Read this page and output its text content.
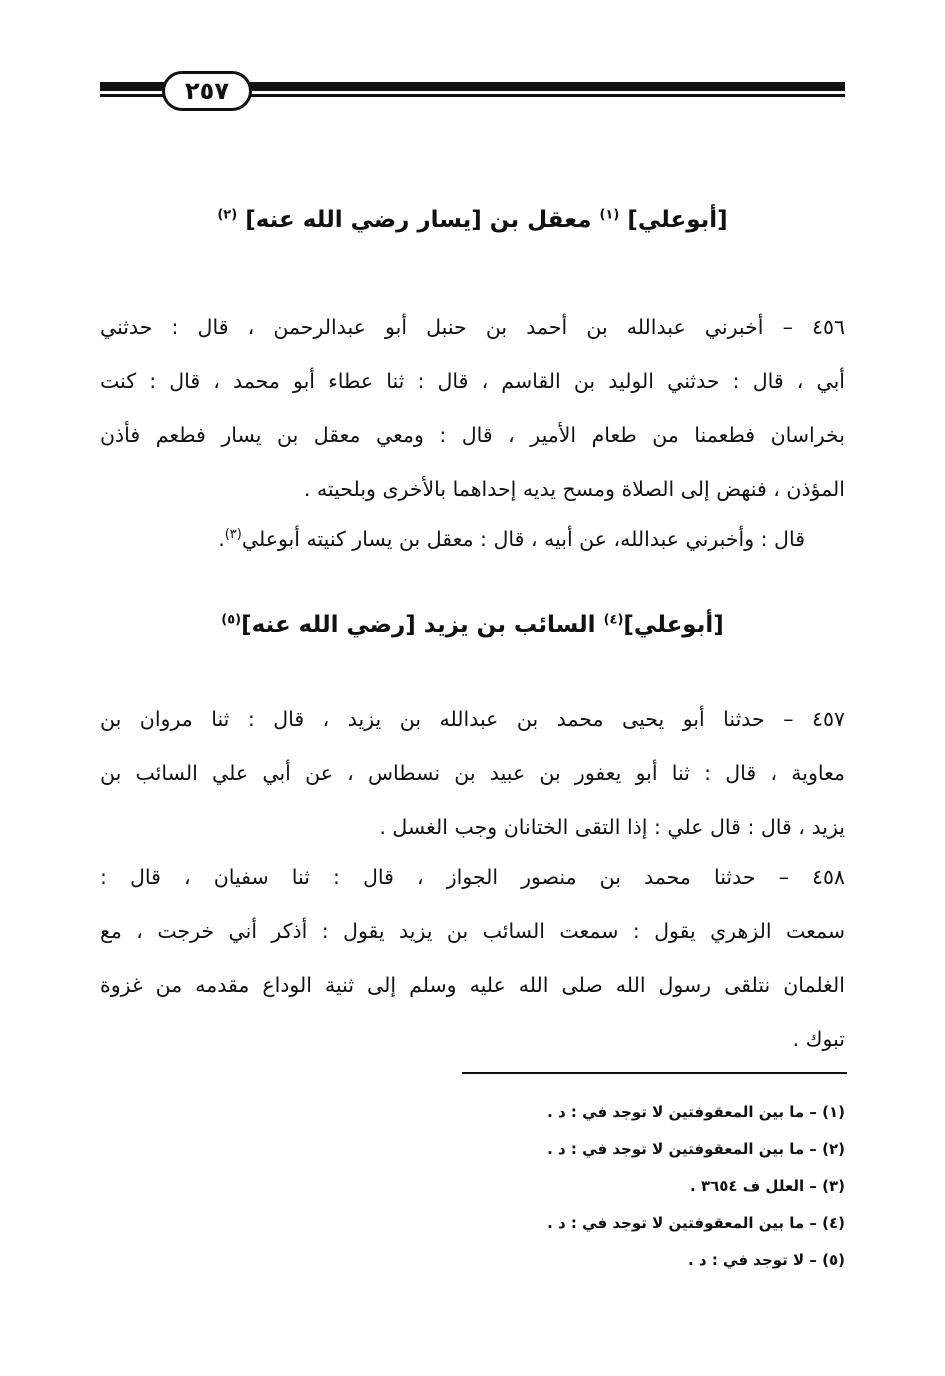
٢٥٧
[أبوعلي] $^{(١)}$ معقل بن [يسار رضي الله عنه] $^{(٢)}$
٤٥٦ – أخبرني عبدالله بن أحمد بن حنبل أبو عبدالرحمن ، قال : حدثني
أبي ، قال : حدثني الوليد بن القاسم ، قال : ثنا عطاء أبو محمد ، قال : كنت
بخراسان فطعمنا من طعام الأمير ، قال : ومعي معقل بن يسار فطعم فأذن
المؤذن ، فنهض إلى الصلاة ومسح يديه إحداهما بالأخرى وبلحيته .
قال : وأخبرني عبدالله، عن أبيه ، قال : معقل بن يسار كنيته أبوعلي$^{(٣)}$.
[أبوعلي]$^{(٤)}$ السائب بن يزيد [رضي الله عنه]$^{(٥)}$
٤٥٧ – حدثنا أبو يحيى محمد بن عبدالله بن يزيد ، قال : ثنا مروان بن
معاوية ، قال : ثنا أبو يعفور بن عبيد بن نسطاس ، عن أبي علي السائب بن
يزيد ، قال : قال علي : إذا التقى الختانان وجب الغسل .
٤٥٨ – حدثنا محمد بن منصور الجواز ، قال : ثنا سفيان ، قال :
سمعت الزهري يقول : سمعت السائب بن يزيد يقول : أذكر أني خرجت ، مع
الغلمان نتلقى رسول الله صلى الله عليه وسلم إلى ثنية الوداع مقدمه من غزوة
تبوك .
(١) – ما بين المعقوفتين لا توجد في : د .
(٢) – ما بين المعقوفتين لا توجد في : د .
(٣) – العلل ف ٣٦٥٤ .
(٤) – ما بين المعقوفتين لا توجد في : د .
(٥) – لا توجد في : د .
